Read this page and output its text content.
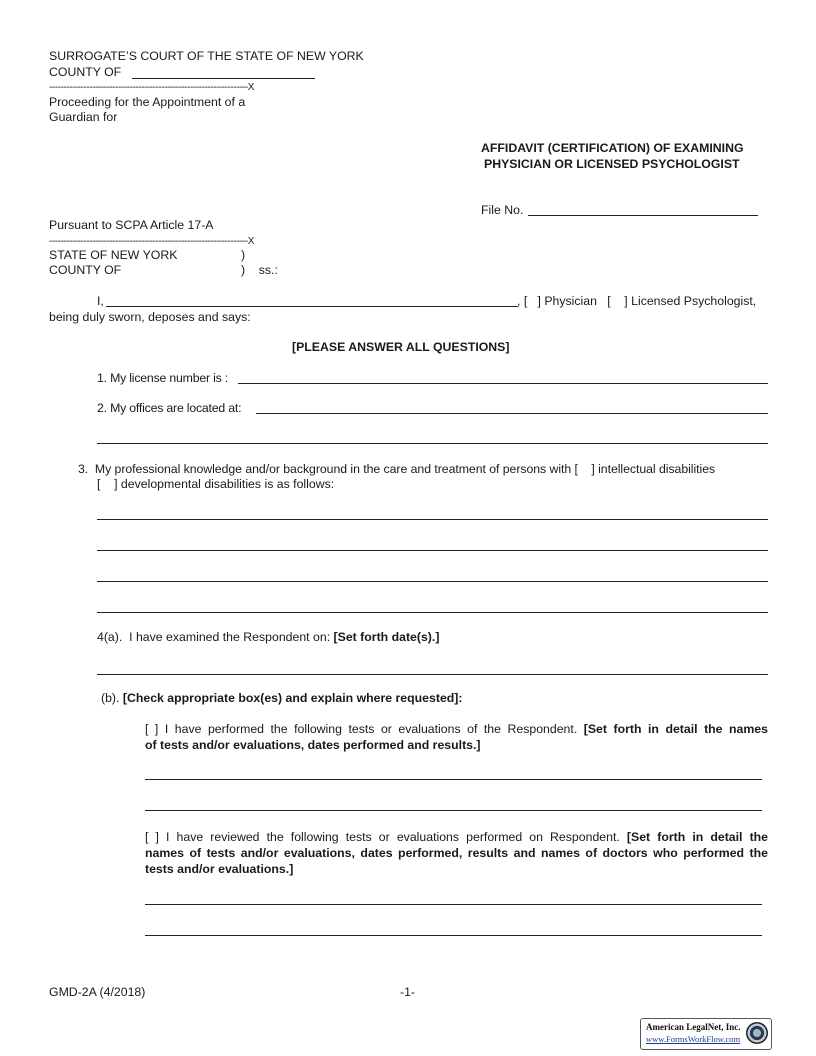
SURROGATE’S COURT OF THE STATE OF NEW YORK
COUNTY OF
---------------------------------------------------------------------X
Proceeding for the Appointment of a
Guardian for
AFFIDAVIT (CERTIFICATION) OF EXAMINING
PHYSICIAN OR LICENSED PSYCHOLOGIST
File No.
Pursuant to SCPA Article 17-A
---------------------------------------------------------------------X
STATE OF NEW YORK	)
COUNTY OF	)    ss.:
I,	, [   ] Physician   [    ] Licensed Psychologist,
being duly sworn, deposes and says:
[PLEASE ANSWER ALL QUESTIONS]
1. My license number is :
2. My offices are located at:
3.  My professional knowledge and/or background in the care and treatment of persons with [    ] intellectual disabilities
[    ] developmental disabilities is as follows:
4(a).  I have examined the Respondent on: [Set forth date(s).]
(b). [Check appropriate box(es) and explain where requested]:
[ ] I have performed the following tests or evaluations of the Respondent. [Set forth in detail the names
of tests and/or evaluations, dates performed and results.]
[ ] I have reviewed the following tests or evaluations performed on Respondent. [Set forth in detail the
names of tests and/or evaluations, dates performed, results and names of doctors who performed the
tests and/or evaluations.]
GMD-2A (4/2018)	-1-
American LegalNet, Inc.
www.FormsWorkFlow.com
